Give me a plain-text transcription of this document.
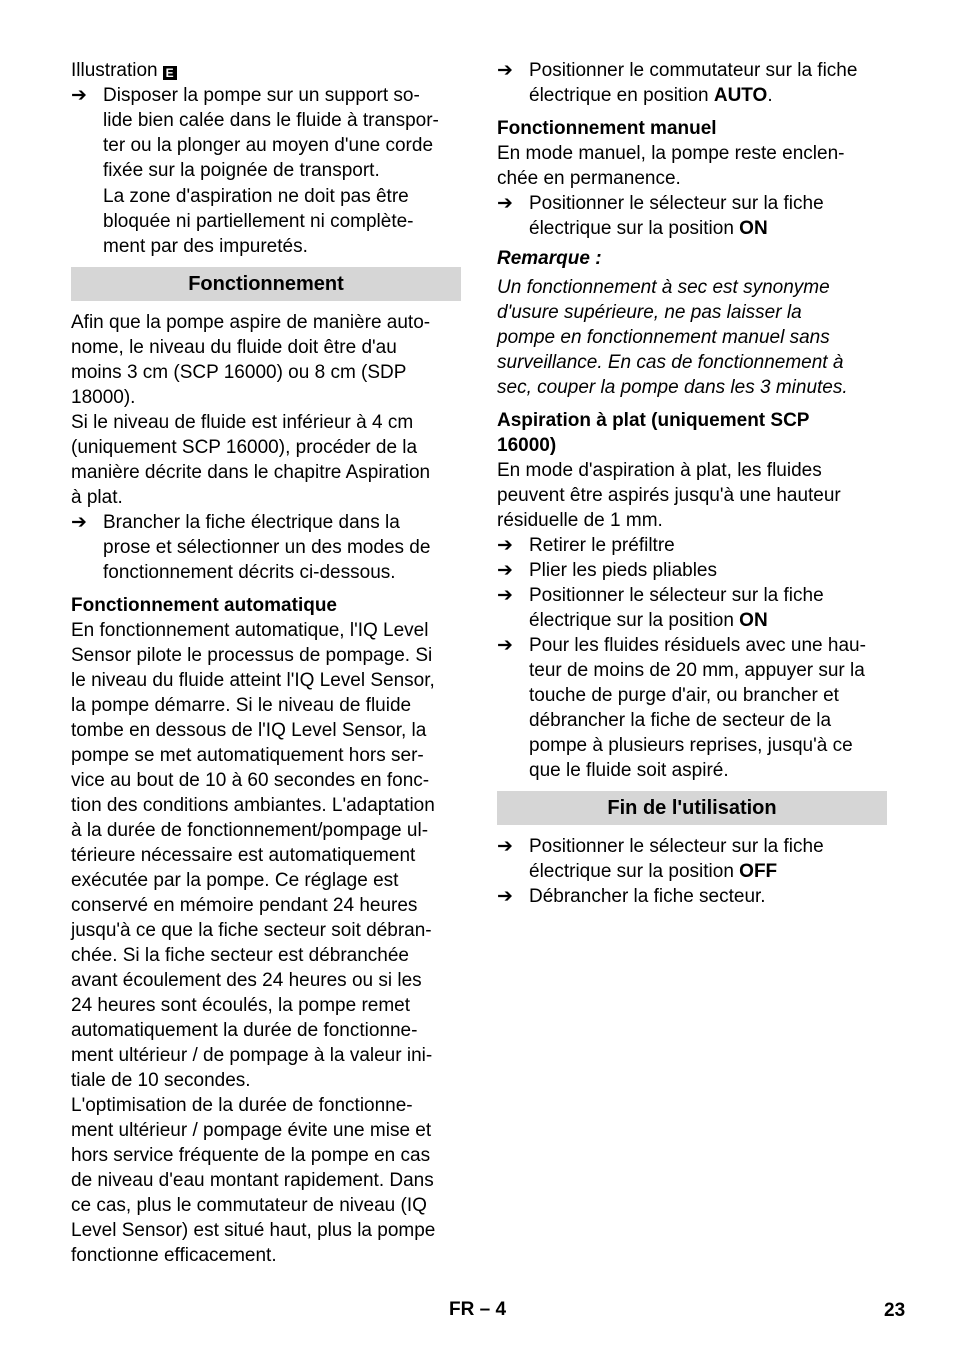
Illustration E

➔ Disposer la pompe sur un support so-
lide bien calée dans le fluide à transpor-
ter ou la plonger au moyen d'une corde
fixée sur la poignée de transport.
La zone d'aspiration ne doit pas être
bloquée ni partiellement ni complète-
ment par des impuretés.
Fonctionnement

Afin que la pompe aspire de manière auto-
nome, le niveau du fluide doit être d'au
moins 3 cm (SCP 16000) ou 8 cm (SDP
18000).
Si le niveau de fluide est inférieur à 4 cm
(uniquement SCP 16000), procéder de la
manière décrite dans le chapitre Aspiration
à plat.

➔ Brancher la fiche électrique dans la
prose et sélectionner un des modes de
fonctionnement décrits ci-dessous.

Fonctionnement automatique

En fonctionnement automatique, l'IQ Level
Sensor pilote le processus de pompage. Si
le niveau du fluide atteint l'IQ Level Sensor,
la pompe démarre. Si le niveau de fluide
tombe en dessous de l'IQ Level Sensor, la
pompe se met automatiquement hors ser-
vice au bout de 10 à 60 secondes en fonc-
tion des conditions ambiantes. L'adaptation
à la durée de fonctionnement/pompage ul-
térieure nécessaire est automatiquement
exécutée par la pompe. Ce réglage est
conservé en mémoire pendant 24 heures
jusqu'à ce que la fiche secteur soit débran-
chée. Si la fiche secteur est débranchée
avant écoulement des 24 heures ou si les
24 heures sont écoulés, la pompe remet
automatiquement la durée de fonctionne-
ment ultérieur / de pompage à la valeur ini-
tiale de 10 secondes.
L'optimisation de la durée de fonctionne-
ment ultérieur / pompage évite une mise et
hors service fréquente de la pompe en cas
de niveau d'eau montant rapidement. Dans
ce cas, plus le commutateur de niveau (IQ
Level Sensor) est situé haut, plus la pompe
fonctionne efficacement.

➔ Positionner le commutateur sur la fiche
électrique en position AUTO.

Fonctionnement manuel

En mode manuel, la pompe reste enclen-
chée en permanence.

➔ Positionner le sélecteur sur la fiche
électrique sur la position ON

Remarque :

Un fonctionnement à sec est synonyme
d'usure supérieure, ne pas laisser la
pompe en fonctionnement manuel sans
surveillance. En cas de fonctionnement à
sec, couper la pompe dans les 3 minutes.

Aspiration à plat (uniquement SCP
16000)

En mode d'aspiration à plat, les fluides
peuvent être aspirés jusqu'à une hauteur
résiduelle de 1 mm.

➔ Retirer le préfiltre
➔ Plier les pieds pliables
➔ Positionner le sélecteur sur la fiche
électrique sur la position ON
➔ Pour les fluides résiduels avec une hau-
teur de moins de 20 mm, appuyer sur la
touche de purge d'air, ou brancher et
débrancher la fiche de secteur de la
pompe à plusieurs reprises, jusqu'à ce
que le fluide soit aspiré.
Fin de l'utilisation
➔ Positionner le sélecteur sur la fiche
électrique sur la position OFF
➔ Débrancher la fiche secteur.
FR – 4	23
